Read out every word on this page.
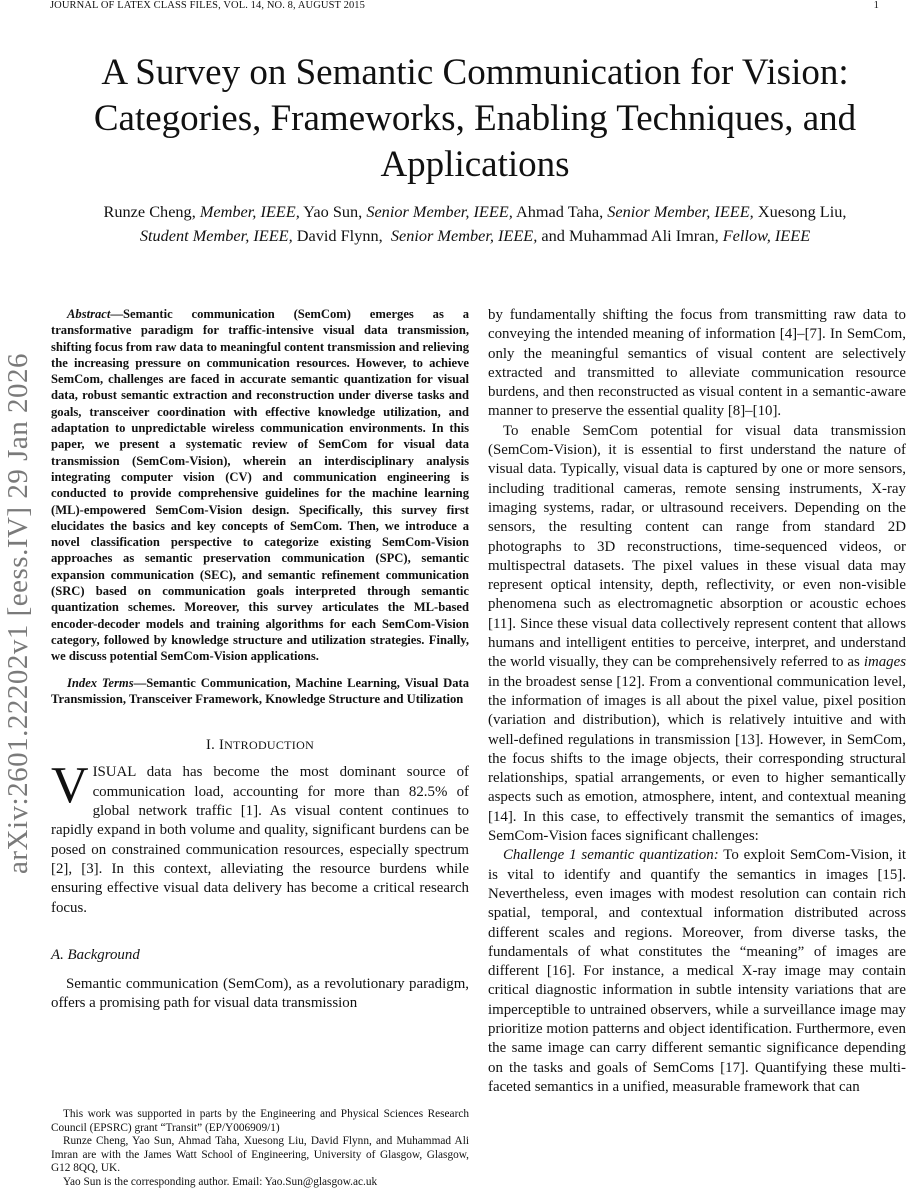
JOURNAL OF LATEX CLASS FILES, VOL. 14, NO. 8, AUGUST 2015	1
arXiv:2601.22202v1 [eess.IV] 29 Jan 2026
A Survey on Semantic Communication for Vision: Categories, Frameworks, Enabling Techniques, and Applications
Runze Cheng, Member, IEEE, Yao Sun, Senior Member, IEEE, Ahmad Taha, Senior Member, IEEE, Xuesong Liu,
Student Member, IEEE, David Flynn, Senior Member, IEEE, and Muhammad Ali Imran, Fellow, IEEE

Abstract—Semantic communication (SemCom) emerges as a transformative paradigm for traffic-intensive visual data transmission, shifting focus from raw data to meaningful content transmission and relieving the increasing pressure on communication resources. However, to achieve SemCom, challenges are faced in accurate semantic quantization for visual data, robust semantic extraction and reconstruction under diverse tasks and goals, transceiver coordination with effective knowledge utilization, and adaptation to unpredictable wireless communication environments. In this paper, we present a systematic review of SemCom for visual data transmission (SemCom-Vision), wherein an interdisciplinary analysis integrating computer vision (CV) and communication engineering is conducted to provide comprehensive guidelines for the machine learning (ML)-empowered SemCom-Vision design. Specifically, this survey first elucidates the basics and key concepts of SemCom. Then, we introduce a novel classification perspective to categorize existing SemCom-Vision approaches as semantic preservation communication (SPC), semantic expansion communication (SEC), and semantic refinement communication (SRC) based on communication goals interpreted through semantic quantization schemes. Moreover, this survey articulates the ML-based encoder-decoder models and training algorithms for each SemCom-Vision category, followed by knowledge structure and utilization strategies. Finally, we discuss potential SemCom-Vision applications.

Index Terms—Semantic Communication, Machine Learning, Visual Data Transmission, Transceiver Framework, Knowledge Structure and Utilization

I. INTRODUCTION

VISUAL data has become the most dominant source of communication load, accounting for more than 82.5% of global network traffic [1]. As visual content continues to rapidly expand in both volume and quality, significant burdens can be posed on constrained communication resources, especially spectrum [2], [3]. In this context, alleviating the resource burdens while ensuring effective visual data delivery has become a critical research focus.

A. Background

Semantic communication (SemCom), as a revolutionary paradigm, offers a promising path for visual data transmission

This work was supported in parts by the Engineering and Physical Sciences Research Council (EPSRC) grant “Transit” (EP/Y006909/1)

Runze Cheng, Yao Sun, Ahmad Taha, Xuesong Liu, David Flynn, and Muhammad Ali Imran are with the James Watt School of Engineering, University of Glasgow, Glasgow, G12 8QQ, UK.

Yao Sun is the corresponding author. Email: Yao.Sun@glasgow.ac.uk

by fundamentally shifting the focus from transmitting raw data to conveying the intended meaning of information [4]–[7]. In SemCom, only the meaningful semantics of visual content are selectively extracted and transmitted to alleviate communication resource burdens, and then reconstructed as visual content in a semantic-aware manner to preserve the essential quality [8]–[10].

To enable SemCom potential for visual data transmission (SemCom-Vision), it is essential to first understand the nature of visual data. Typically, visual data is captured by one or more sensors, including traditional cameras, remote sensing instruments, X-ray imaging systems, radar, or ultrasound receivers. Depending on the sensors, the resulting content can range from standard 2D photographs to 3D reconstructions, time-sequenced videos, or multispectral datasets. The pixel values in these visual data may represent optical intensity, depth, reflectivity, or even non-visible phenomena such as electromagnetic absorption or acoustic echoes [11]. Since these visual data collectively represent content that allows humans and intelligent entities to perceive, interpret, and understand the world visually, they can be comprehensively referred to as images in the broadest sense [12]. From a conventional communication level, the information of images is all about the pixel value, pixel position (variation and distribution), which is relatively intuitive and with well-defined regulations in transmission [13]. However, in SemCom, the focus shifts to the image objects, their corresponding structural relationships, spatial arrangements, or even to higher semantically aspects such as emotion, atmosphere, intent, and contextual meaning [14]. In this case, to effectively transmit the semantics of images, SemCom-Vision faces significant challenges:

Challenge 1 semantic quantization: To exploit SemCom-Vision, it is vital to identify and quantify the semantics in images [15]. Nevertheless, even images with modest resolution can contain rich spatial, temporal, and contextual information distributed across different scales and regions. Moreover, from diverse tasks, the fundamentals of what constitutes the “meaning” of images are different [16]. For instance, a medical X-ray image may contain critical diagnostic information in subtle intensity variations that are imperceptible to untrained observers, while a surveillance image may prioritize motion patterns and object identification. Furthermore, even the same image can carry different semantic significance depending on the tasks and goals of SemComs [17]. Quantifying these multi-faceted semantics in a unified, measurable framework that can
